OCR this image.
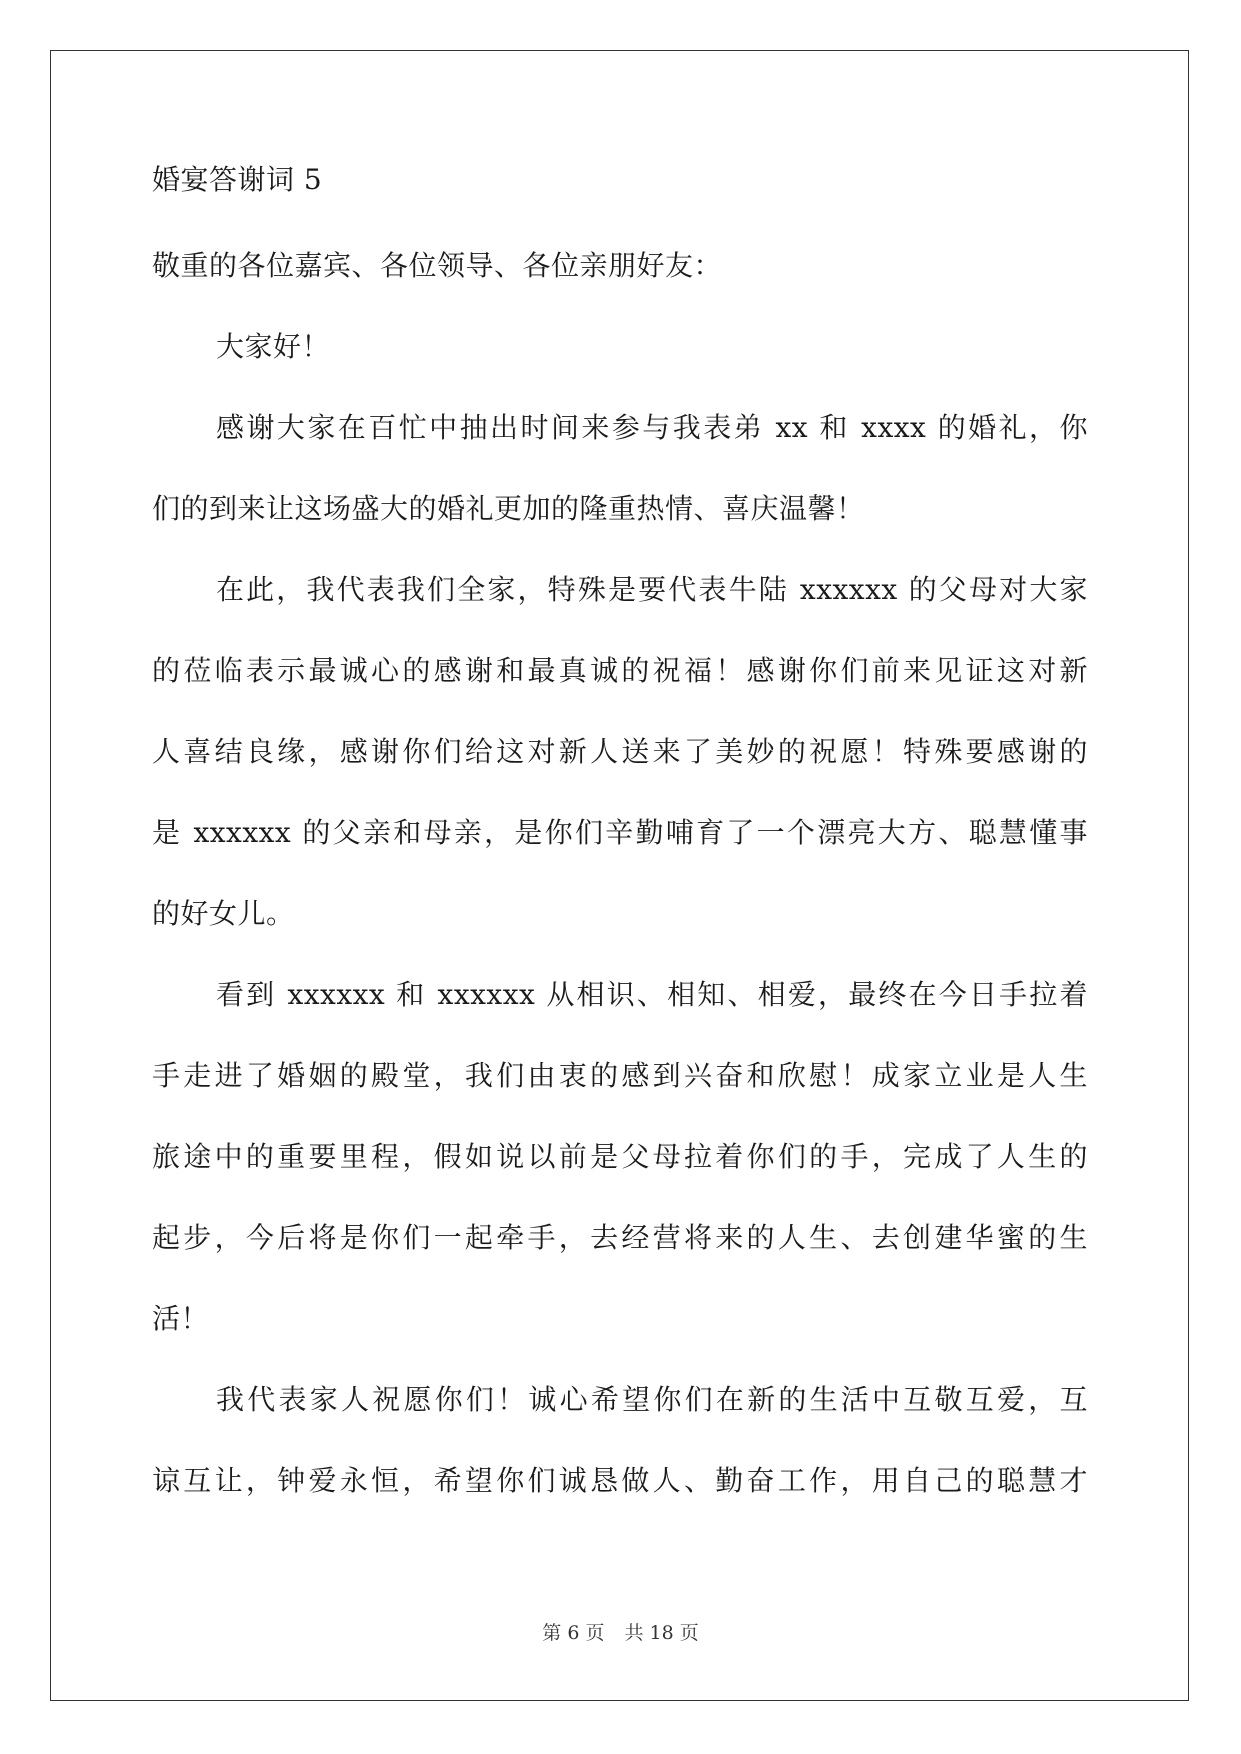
婚宴答谢词 5
敬重的各位嘉宾、各位领导、各位亲朋好友：
大家好！
感谢大家在百忙中抽出时间来参与我表弟 xx 和 xxxx 的婚礼，你
们的到来让这场盛大的婚礼更加的隆重热情、喜庆温馨！
在此，我代表我们全家，特殊是要代表牛陆 xxxxxx 的父母对大家
的莅临表示最诚心的感谢和最真诚的祝福！感谢你们前来见证这对新
人喜结良缘，感谢你们给这对新人送来了美妙的祝愿！特殊要感谢的
是 xxxxxx 的父亲和母亲，是你们辛勤哺育了一个漂亮大方、聪慧懂事
的好女儿。
看到 xxxxxx 和 xxxxxx 从相识、相知、相爱，最终在今日手拉着
手走进了婚姻的殿堂，我们由衷的感到兴奋和欣慰！成家立业是人生
旅途中的重要里程，假如说以前是父母拉着你们的手，完成了人生的
起步，今后将是你们一起牵手，去经营将来的人生、去创建华蜜的生
活！
我代表家人祝愿你们！诚心希望你们在新的生活中互敬互爱，互
谅互让，钟爱永恒，希望你们诚恳做人、勤奋工作，用自己的聪慧才
第 6 页 共 18 页
